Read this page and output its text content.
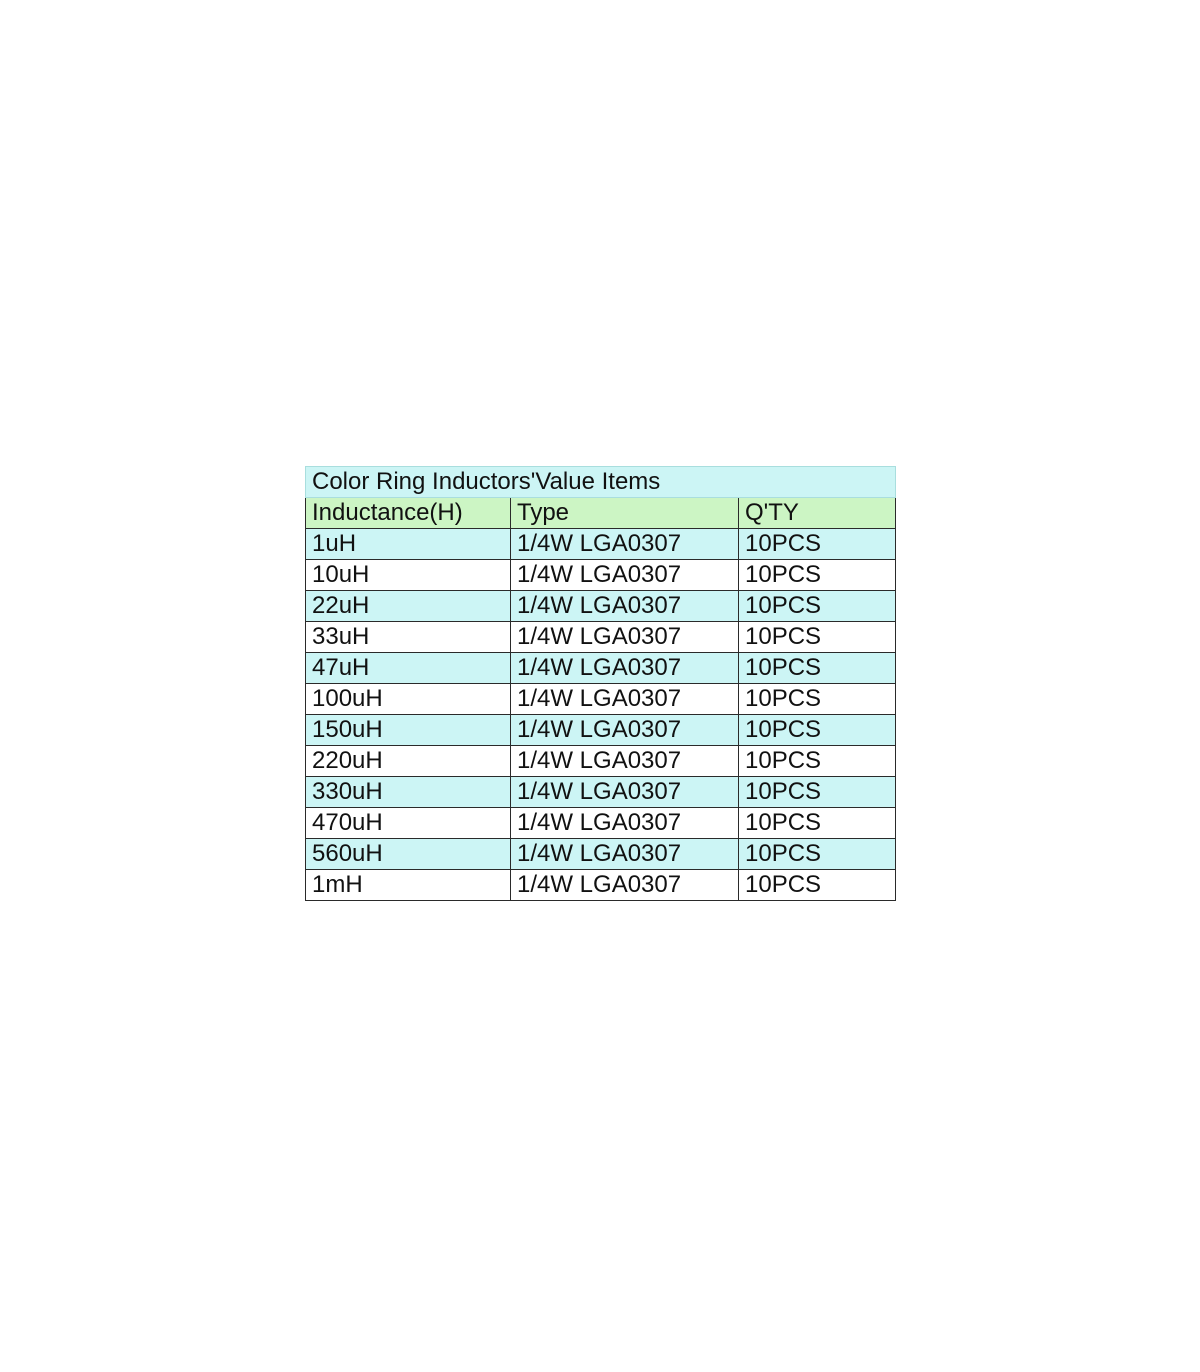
Color Ring Inductors'Value Items		
Inductance(H)	Type	Q'TY
1uH	1/4W LGA0307	10PCS
10uH	1/4W LGA0307	10PCS
22uH	1/4W LGA0307	10PCS
33uH	1/4W LGA0307	10PCS
47uH	1/4W LGA0307	10PCS
100uH	1/4W LGA0307	10PCS
150uH	1/4W LGA0307	10PCS
220uH	1/4W LGA0307	10PCS
330uH	1/4W LGA0307	10PCS
470uH	1/4W LGA0307	10PCS
560uH	1/4W LGA0307	10PCS
1mH	1/4W LGA0307	10PCS
